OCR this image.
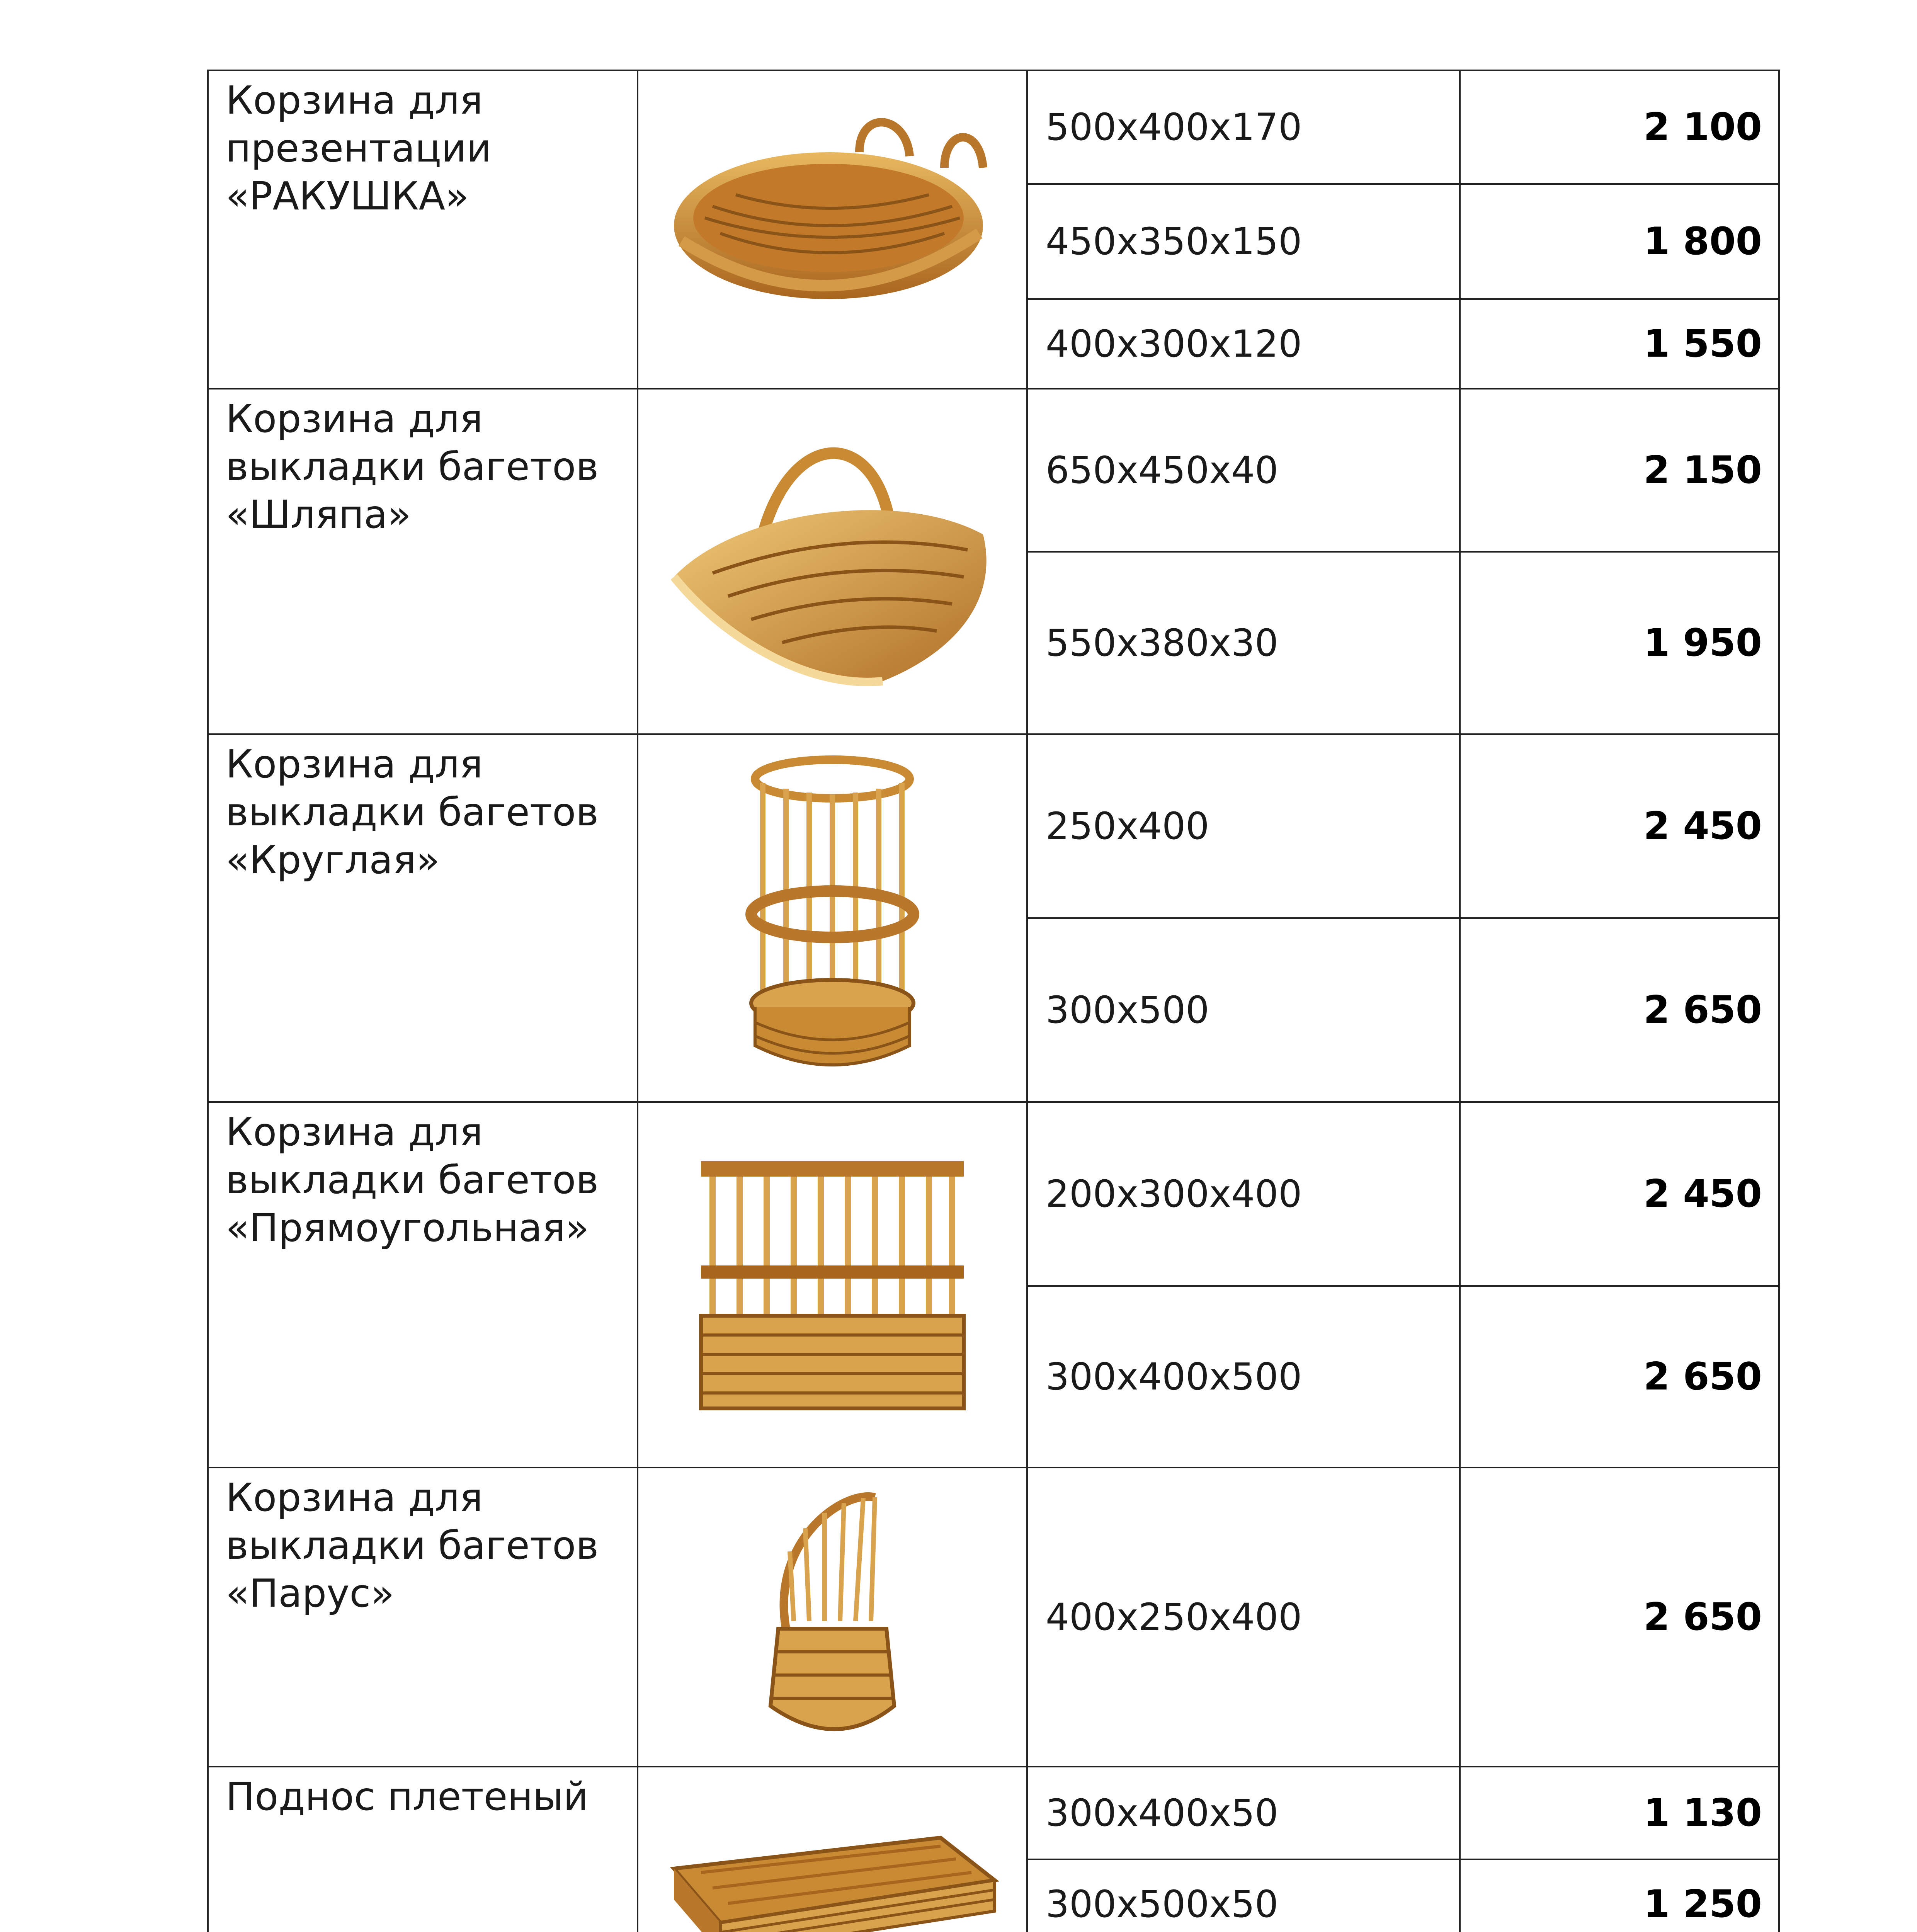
Корзина для
презентации
«РАКУШКА»		500x400x170	2 100
		450x350x150	1 800
		400x300x120	1 550

Корзина для
выкладки багетов
«Шляпа»		650x450x40	2 150
		550x380x30	1 950

Корзина для
выкладки багетов
«Круглая»		250x400	2 450
		300x500	2 650

Корзина для
выкладки багетов
«Прямоугольная»		200x300x400	2 450
		300x400x500	2 650

Корзина для
выкладки багетов
«Парус»		400x250x400	2 650

Поднос плетеный		300x400x50	1 130
		300x500x50	1 250
